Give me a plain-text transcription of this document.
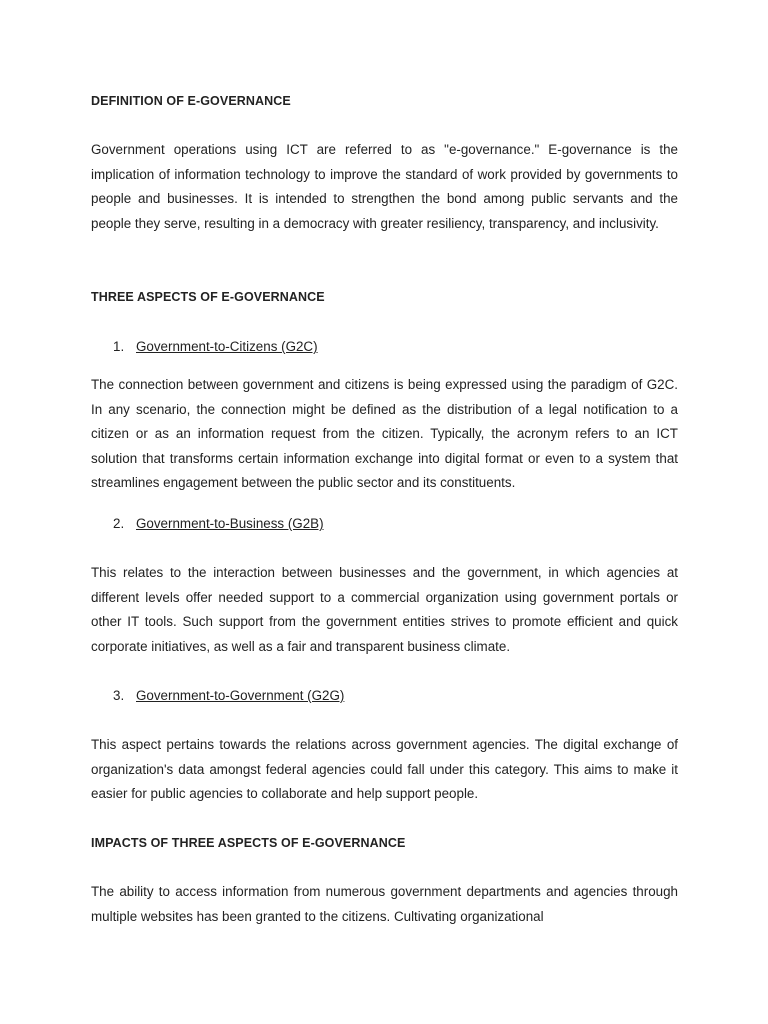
DEFINITION OF E-GOVERNANCE

Government operations using ICT are referred to as "e-governance." E-governance is the implication of information technology to improve the standard of work provided by governments to people and businesses. It is intended to strengthen the bond among public servants and the people they serve, resulting in a democracy with greater resiliency, transparency, and inclusivity.

THREE ASPECTS OF E-GOVERNANCE

1. Government-to-Citizens (G2C)

The connection between government and citizens is being expressed using the paradigm of G2C. In any scenario, the connection might be defined as the distribution of a legal notification to a citizen or as an information request from the citizen. Typically, the acronym refers to an ICT solution that transforms certain information exchange into digital format or even to a system that streamlines engagement between the public sector and its constituents.

2. Government-to-Business (G2B)

This relates to the interaction between businesses and the government, in which agencies at different levels offer needed support to a commercial organization using government portals or other IT tools. Such support from the government entities strives to promote efficient and quick corporate initiatives, as well as a fair and transparent business climate.

3. Government-to-Government (G2G)

This aspect pertains towards the relations across government agencies. The digital exchange of organization's data amongst federal agencies could fall under this category. This aims to make it easier for public agencies to collaborate and help support people.

IMPACTS OF THREE ASPECTS OF E-GOVERNANCE

The ability to access information from numerous government departments and agencies through multiple websites has been granted to the citizens. Cultivating organizational
